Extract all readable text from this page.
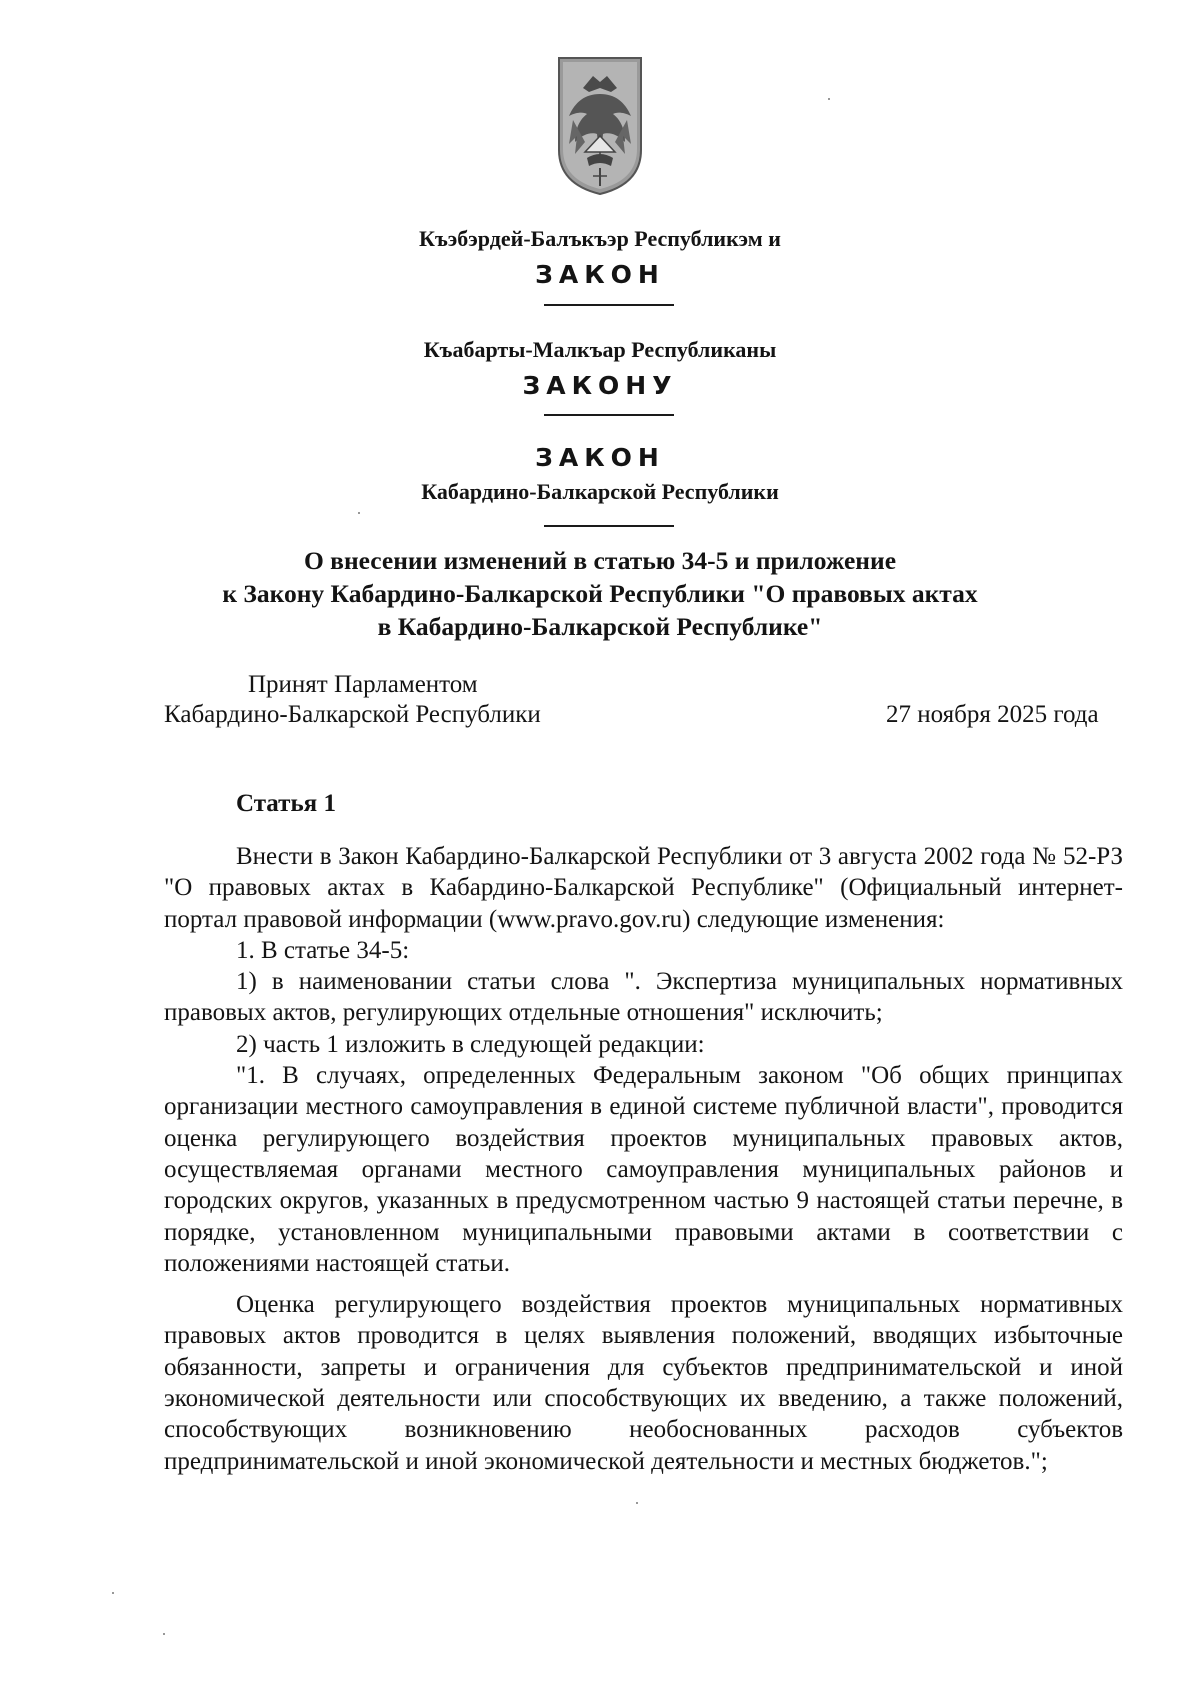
Къэбэрдей-Балъкъэр Республикэм и
ЗАКОН
Къабарты-Малкъар Республиканы
ЗАКОНУ
ЗАКОН
Кабардино-Балкарской Республики
О внесении изменений в статью 34-5 и приложение
к Закону Кабардино-Балкарской Республики "О правовых актах
в Кабардино-Балкарской Республике"
Принят Парламентом
Кабардино-Балкарской Республики	27 ноября 2025 года
Статья 1

Внести в Закон Кабардино-Балкарской Республики от 3 августа 2002 года № 52-РЗ "О правовых актах в Кабардино-Балкарской Республике" (Официальный интернет-портал правовой информации (www.pravo.gov.ru) следующие изменения:

1. В статье 34-5:

1) в наименовании статьи слова ". Экспертиза муниципальных нормативных правовых актов, регулирующих отдельные отношения" исключить;

2) часть 1 изложить в следующей редакции:

"1. В случаях, определенных Федеральным законом "Об общих принципах организации местного самоуправления в единой системе публичной власти", проводится оценка регулирующего воздействия проектов муниципальных правовых актов, осуществляемая органами местного самоуправления муниципальных районов и городских округов, указанных в предусмотренном частью 9 настоящей статьи перечне, в порядке, установленном муниципальными правовыми актами в соответствии с положениями настоящей статьи.

Оценка регулирующего воздействия проектов муниципальных нормативных правовых актов проводится в целях выявления положений, вводящих избыточные обязанности, запреты и ограничения для субъектов предпринимательской и иной экономической деятельности или способствующих их введению, а также положений, способствующих возникновению необоснованных расходов субъектов предпринимательской и иной экономической деятельности и местных бюджетов.";
